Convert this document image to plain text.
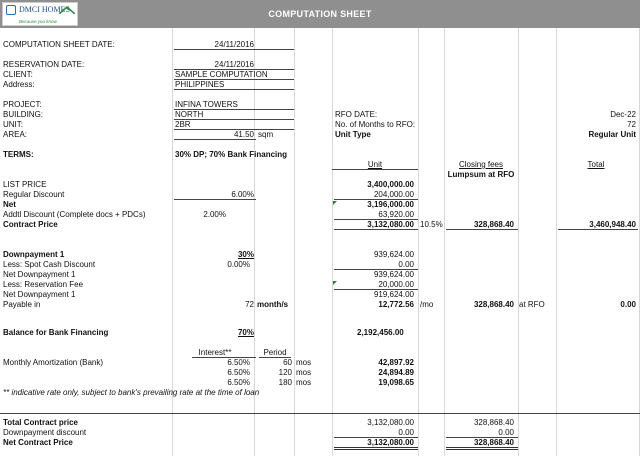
DMCI HOMES
Because you know.
COMPUTATION SHEET
COMPUTATION SHEET DATE:	24/11/2016
RESERVATION DATE:	24/11/2016
CLIENT:	SAMPLE COMPUTATION
Address:	PHILIPPINES
PROJECT:	INFINA TOWERS
BUILDING:	NORTH	RFO DATE:	Dec-22
UNIT:	2BR	No. of Months to RFO:	72
AREA:	41.50 sqm	Unit Type	Regular Unit
TERMS:	30% DP; 70% Bank Financing
Unit	Closing fees
Lumpsum at RFO
Total
LIST PRICE	3,400,000.00
Regular Discount	6.00%	204,000.00
Net	3,196,000.00
Addtl Discount (Complete docs + PDCs)	2.00%	63,920.00
Contract Price	3,132,080.00 10.5%	328,868.40	3,460,948.40
Downpayment 1	30%	939,624.00
Less: Spot Cash Discount	0.00%	0.00
Net Downpayment 1	939,624.00
Less: Reservation Fee	20,000.00
Net Downpayment 1	919,624.00
Payable in	72 month/s	12,772.56 /mo	328,868.40 at RFO	0.00
Balance for Bank Financing	70%	2,192,456.00
Interest**	Period
Monthly Amortization (Bank)	6.50%	60 mos	42,897.92
6.50%	120 mos	24,894.89
6.50%	180 mos	19,098.65
** indicative rate only, subject to bank's prevailing rate at the time of loan
Total Contract price	3,132,080.00	328,868.40
Downpayment discount	0.00	0.00
Net Contract Price	3,132,080.00	328,868.40
